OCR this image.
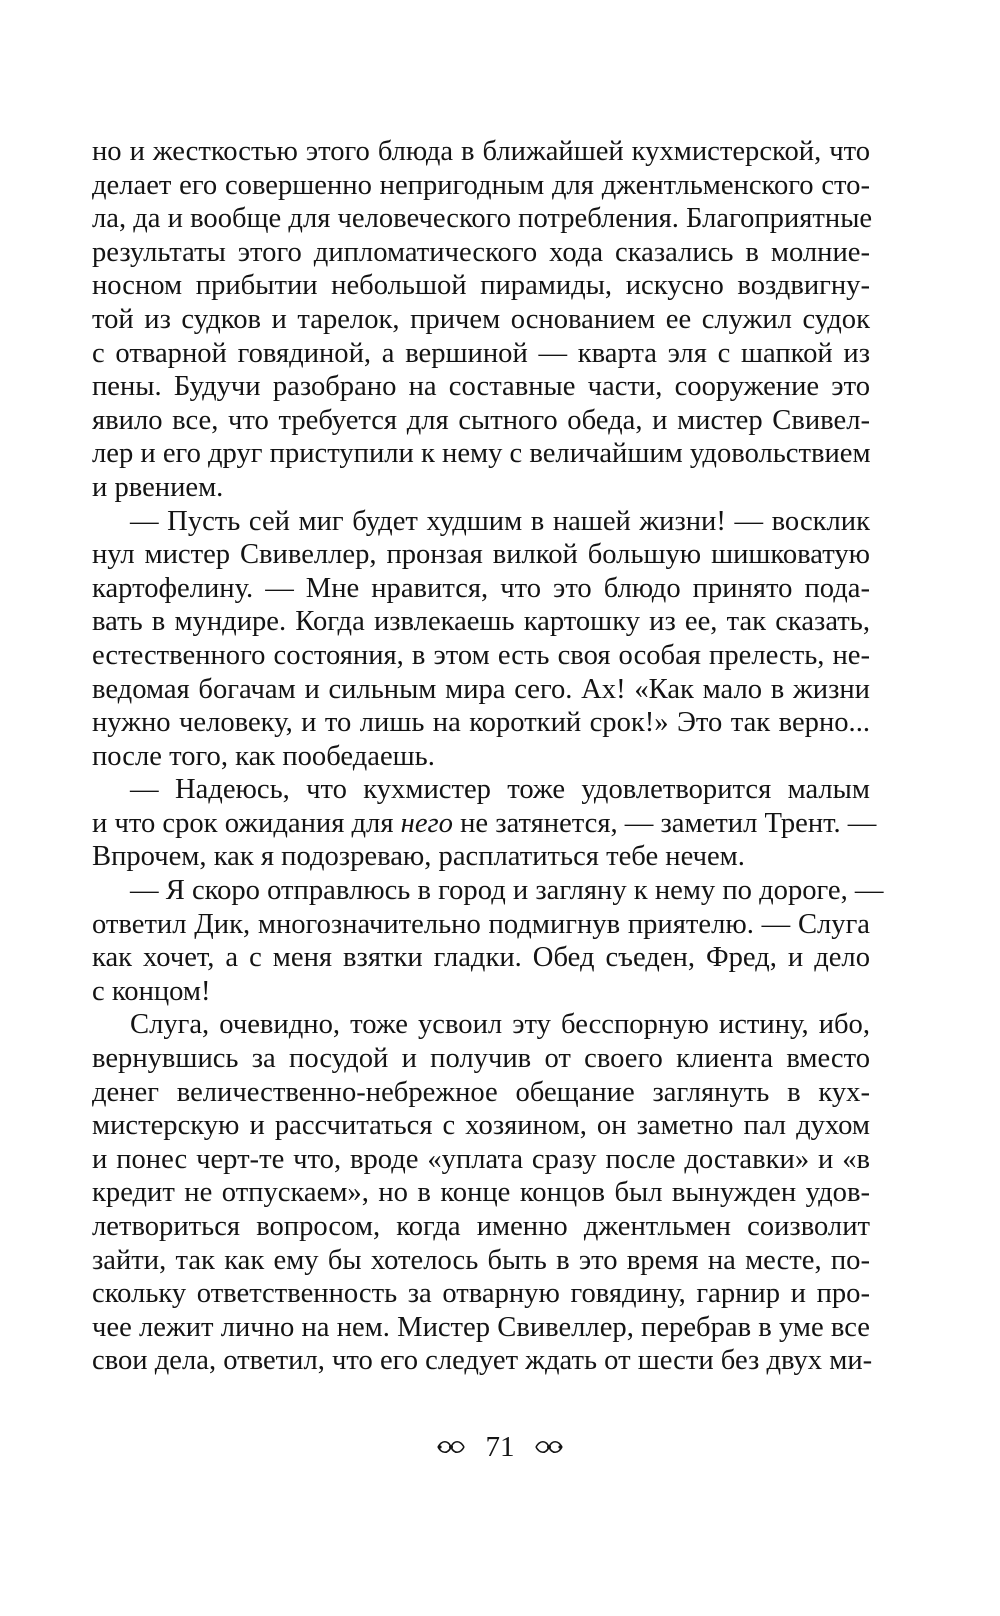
но и жесткостью этого блюда в ближайшей кухмистерской, что
делает его совершенно непригодным для джентльменского сто-
ла, да и вообще для человеческого потребления. Благоприятные
результаты этого дипломатического хода сказались в молние-
носном прибытии небольшой пирамиды, искусно воздвигну-
той из судков и тарелок, причем основанием ее служил судок
с отварной говядиной, а вершиной — кварта эля с шапкой из
пены. Будучи разобрано на составные части, сооружение это
явило все, что требуется для сытного обеда, и мистер Свивел-
лер и его друг приступили к нему с величайшим удовольствием
и рвением.
— Пусть сей миг будет худшим в нашей жизни! — восклик
нул мистер Свивеллер, пронзая вилкой большую шишковатую
картофелину. — Мне нравится, что это блюдо принято пода-
вать в мундире. Когда извлекаешь картошку из ее, так сказать,
естественного состояния, в этом есть своя особая прелесть, не-
ведомая богачам и сильным мира сего. Ах! «Как мало в жизни
нужно человеку, и то лишь на короткий срок!» Это так верно...
после того, как пообедаешь.
— Надеюсь, что кухмистер тоже удовлетворится малым
и что срок ожидания для него не затянется, — заметил Трент. —
Впрочем, как я подозреваю, расплатиться тебе нечем.
— Я скоро отправлюсь в город и загляну к нему по дороге, —
ответил Дик, многозначительно подмигнув приятелю. — Слуга
как хочет, а с меня взятки гладки. Обед съеден, Фред, и дело
с концом!
Слуга, очевидно, тоже усвоил эту бесспорную истину, ибо,
вернувшись за посудой и получив от своего клиента вместо
денег величественно-небрежное обещание заглянуть в кух-
мистерскую и рассчитаться с хозяином, он заметно пал духом
и понес черт-те что, вроде «уплата сразу после доставки» и «в
кредит не отпускаем», но в конце концов был вынужден удов-
летвориться вопросом, когда именно джентльмен соизволит
зайти, так как ему бы хотелось быть в это время на месте, по-
скольку ответственность за отварную говядину, гарнир и про-
чее лежит лично на нем. Мистер Свивеллер, перебрав в уме все
свои дела, ответил, что его следует ждать от шести без двух ми-
71
